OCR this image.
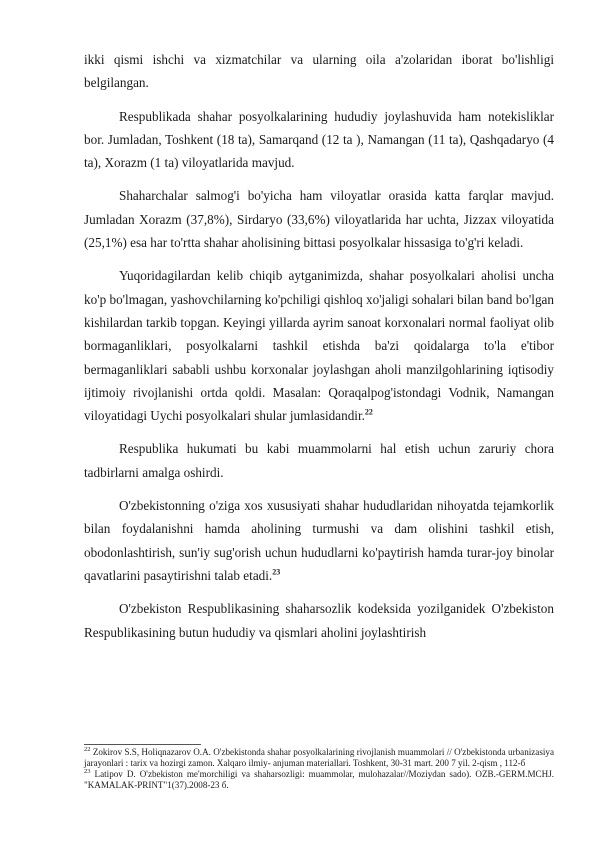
ikki qismi ishchi va xizmatchilar va ularning oila a'zolaridan iborat bo'lishligi belgilangan.

Respublikada shahar posyolkalarining hududiy joylashuvida ham notekisliklar bor. Jumladan, Toshkent (18 ta), Samarqand (12 ta ), Namangan (11 ta), Qashqadaryo (4 ta), Xorazm (1 ta) viloyatlarida mavjud.

Shaharchalar salmog'i bo'yicha ham viloyatlar orasida katta farqlar mavjud. Jumladan Xorazm (37,8%), Sirdaryo (33,6%) viloyatlarida har uchta, Jizzax viloyatida (25,1%) esa har to'rtta shahar aholisining bittasi posyolkalar hissasiga to'g'ri keladi.

Yuqoridagilardan kelib chiqib aytganimizda, shahar posyolkalari aholisi uncha ko'p bo'lmagan, yashovchilarning ko'pchiligi qishloq xo'jaligi sohalari bilan band bo'lgan kishilardan tarkib topgan. Keyingi yillarda ayrim sanoat korxonalari normal faoliyat olib bormaganliklari, posyolkalarni tashkil etishda ba'zi qoidalarga to'la e'tibor bermaganliklari sababli ushbu korxonalar joylashgan aholi manzilgohlarining iqtisodiy ijtimoiy rivojlanishi ortda qoldi. Masalan: Qoraqalpog'istondagi Vodnik, Namangan viloyatidagi Uychi posyolkalari shular jumlasidandir.$^{22}$

Respublika hukumati bu kabi muammolarni hal etish uchun zaruriy chora tadbirlarni amalga oshirdi.

O'zbekistonning o'ziga xos xususiyati shahar hududlaridan nihoyatda tejamkorlik bilan foydalanishni hamda aholining turmushi va dam olishini tashkil etish, obodonlashtirish, sun'iy sug'orish uchun hududlarni ko'paytirish hamda turar-joy binolar qavatlarini pasaytirishni talab etadi.$^{23}$

O'zbekiston Respublikasining shaharsozlik kodeksida yozilganidek O'zbekiston Respublikasining butun hududiy va qismlari aholini joylashtirish

$^{22}$ Zokirov S.S, Holiqnazarov O.A. O'zbekistonda shahar posyolkalarining rivojlanish muammolari // O'zbekistonda urbanizasiya jarayonlari : tarix va hozirgi zamon. Xalqaro ilmiy- anjuman materiallari. Toshkent, 30-31 mart. 200 7 yil. 2-qism , 112-б

$^{23}$ Latipov D. O'zbekiston me'morchiligi va shaharsozligi: muammolar, mulohazalar//Moziydan sado). OZB.-GERM.MCHJ. "KAMALAK-PRINT"1(37).2008-23 б.
